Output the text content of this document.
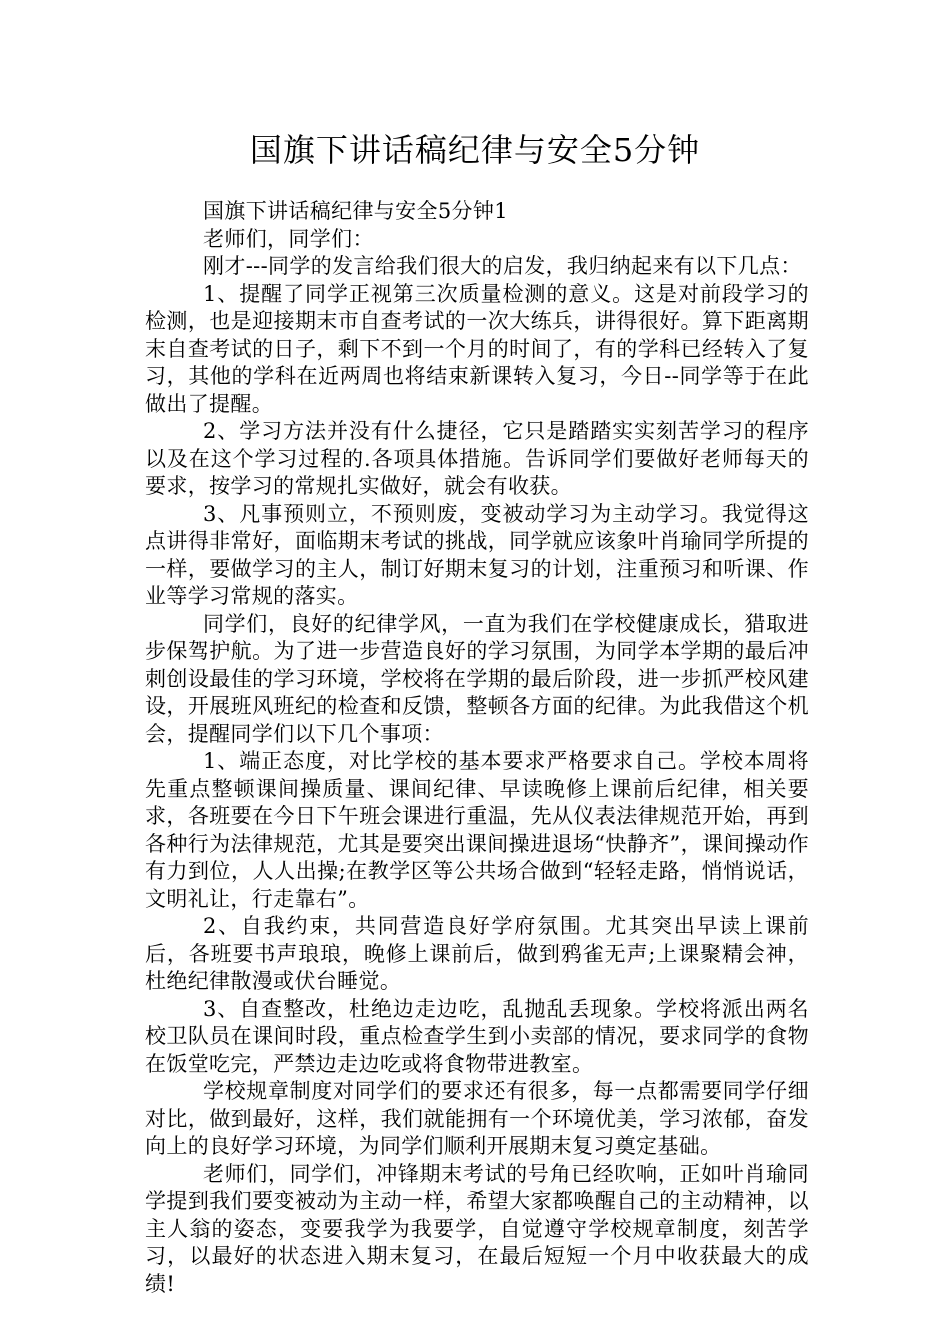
国旗下讲话稿纪律与安全5分钟

国旗下讲话稿纪律与安全5分钟1

老师们，同学们：

刚才---同学的发言给我们很大的启发，我归纳起来有以下几点：

1、提醒了同学正视第三次质量检测的意义。这是对前段学习的检测，也是迎接期末市自查考试的一次大练兵，讲得很好。算下距离期末自查考试的日子，剩下不到一个月的时间了，有的学科已经转入了复习，其他的学科在近两周也将结束新课转入复习，今日--同学等于在此做出了提醒。

2、学习方法并没有什么捷径，它只是踏踏实实刻苦学习的程序以及在这个学习过程的.各项具体措施。告诉同学们要做好老师每天的要求，按学习的常规扎实做好，就会有收获。

3、凡事预则立，不预则废，变被动学习为主动学习。我觉得这点讲得非常好，面临期末考试的挑战，同学就应该象叶肖瑜同学所提的一样，要做学习的主人，制订好期末复习的计划，注重预习和听课、作业等学习常规的落实。

同学们，良好的纪律学风，一直为我们在学校健康成长，猎取进步保驾护航。为了进一步营造良好的学习氛围，为同学本学期的最后冲刺创设最佳的学习环境，学校将在学期的最后阶段，进一步抓严校风建设，开展班风班纪的检查和反馈，整顿各方面的纪律。为此我借这个机会，提醒同学们以下几个事项：

1、端正态度，对比学校的基本要求严格要求自己。学校本周将先重点整顿课间操质量、课间纪律、早读晚修上课前后纪律，相关要求，各班要在今日下午班会课进行重温，先从仪表法律规范开始，再到各种行为法律规范，尤其是要突出课间操进退场“快静齐”，课间操动作有力到位，人人出操;在教学区等公共场合做到“轻轻走路，悄悄说话，文明礼让，行走靠右”。

2、自我约束，共同营造良好学府氛围。尤其突出早读上课前后，各班要书声琅琅，晚修上课前后，做到鸦雀无声;上课聚精会神，杜绝纪律散漫或伏台睡觉。

3、自查整改，杜绝边走边吃，乱抛乱丢现象。学校将派出两名校卫队员在课间时段，重点检查学生到小卖部的情况，要求同学的食物在饭堂吃完，严禁边走边吃或将食物带进教室。

学校规章制度对同学们的要求还有很多，每一点都需要同学仔细对比，做到最好，这样，我们就能拥有一个环境优美，学习浓郁，奋发向上的良好学习环境，为同学们顺利开展期末复习奠定基础。

老师们，同学们，冲锋期末考试的号角已经吹响，正如叶肖瑜同学提到我们要变被动为主动一样，希望大家都唤醒自己的主动精神，以主人翁的姿态，变要我学为我要学，自觉遵守学校规章制度，刻苦学习，以最好的状态进入期末复习，在最后短短一个月中收获最大的成绩!
